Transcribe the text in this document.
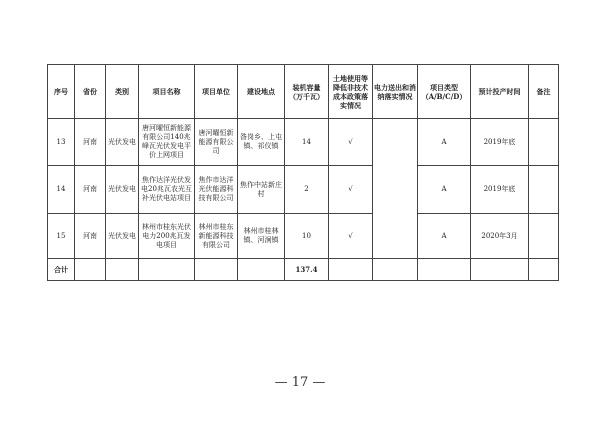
序号	省份	类别	项目名称	项目单位	建设地点	装机容量（万千瓦）	土地使用等降低非技术成本政策落实情况	电力送出和消纳落实情况	项目类型（A/B/C/D）	预计投产时间	备注
13	河南	光伏发电	唐河曜恒新能源有限公司140兆峰瓦光伏发电平价上网项目	唐河曜恒新能源有限公司	昝岗乡、上屯镇、祁仪镇	14	√		A	2019年底	
14	河南	光伏发电	焦作达洋光伏发电20兆瓦农光互补光伏电站项目	焦作市达洋光伏能源科技有限公司	焦作中站新庄村	2	√		A	2019年底	
15	河南	光伏发电	林州市桂东光伏电力200兆瓦发电项目	林州市桂东新能源科技有限公司	林州市桂林镇、河涧镇	10	√		A	2020年3月	
合计						137.4					
— 17 —
